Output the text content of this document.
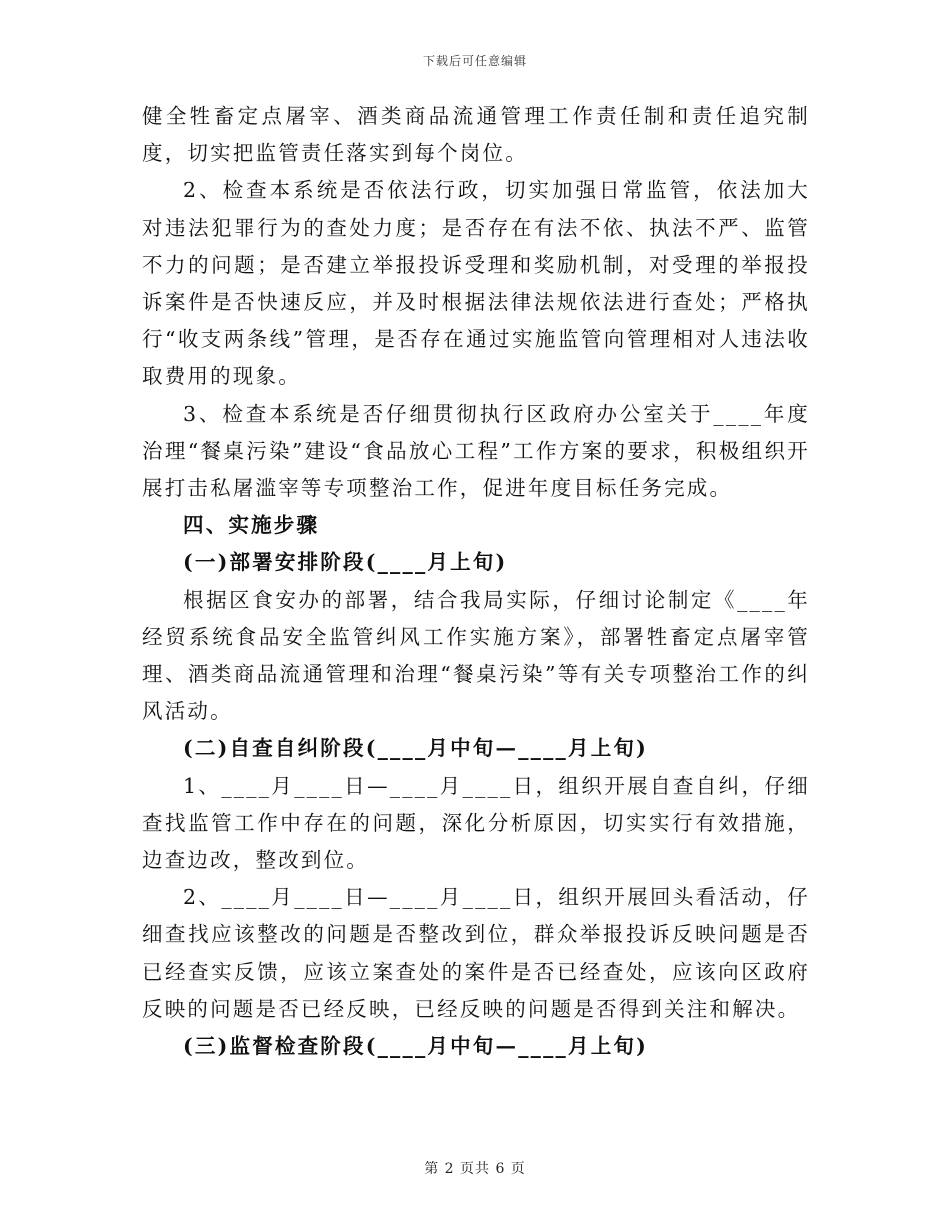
下载后可任意编辑

健全牲畜定点屠宰、酒类商品流通管理工作责任制和责任追究制度，切实把监管责任落实到每个岗位。

2、检查本系统是否依法行政，切实加强日常监管，依法加大对违法犯罪行为的查处力度；是否存在有法不依、执法不严、监管不力的问题；是否建立举报投诉受理和奖励机制，对受理的举报投诉案件是否快速反应，并及时根据法律法规依法进行查处；严格执行“收支两条线”管理，是否存在通过实施监管向管理相对人违法收取费用的现象。

3、检查本系统是否仔细贯彻执行区政府办公室关于____年度治理“餐桌污染”建设“食品放心工程”工作方案的要求，积极组织开展打击私屠滥宰等专项整治工作，促进年度目标任务完成。

四、实施步骤

(一)部署安排阶段(____月上旬)

根据区食安办的部署，结合我局实际，仔细讨论制定《____年经贸系统食品安全监管纠风工作实施方案》，部署牲畜定点屠宰管理、酒类商品流通管理和治理“餐桌污染”等有关专项整治工作的纠风活动。

(二)自查自纠阶段(____月中旬—____月上旬)

1、____月____日—____月____日，组织开展自查自纠，仔细查找监管工作中存在的问题，深化分析原因，切实实行有效措施，边查边改，整改到位。

2、____月____日—____月____日，组织开展回头看活动，仔细查找应该整改的问题是否整改到位，群众举报投诉反映问题是否已经查实反馈，应该立案查处的案件是否已经查处，应该向区政府反映的问题是否已经反映，已经反映的问题是否得到关注和解决。

(三)监督检查阶段(____月中旬—____月上旬)

第 2 页共 6 页
